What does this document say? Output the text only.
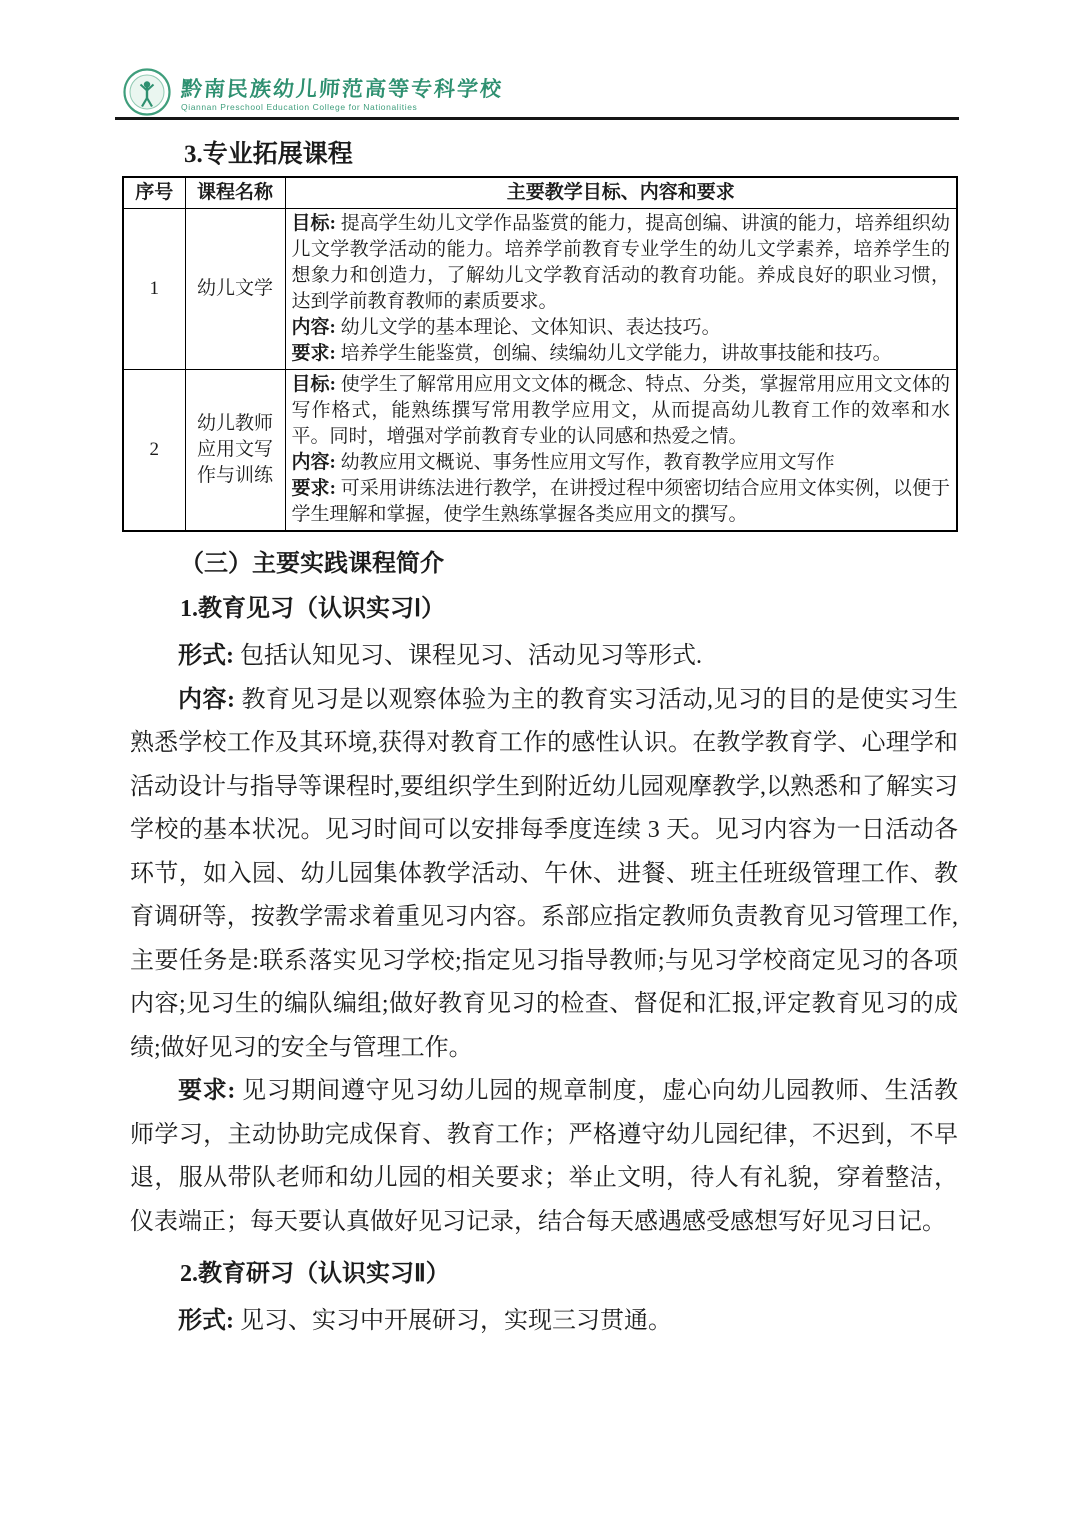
黔南民族幼儿师范高等专科学校
Qiannan Preschool Education College for Nationalities
3.专业拓展课程
序号	课程名称	主要教学目标、内容和要求
1	幼儿文学	目标: 提高学生幼儿文学作品鉴赏的能力，提高创编、讲演的能力，培养组织幼儿文学教学活动的能力。培养学前教育专业学生的幼儿文学素养，培养学生的想象力和创造力，了解幼儿文学教育活动的教育功能。养成良好的职业习惯，达到学前教育教师的素质要求。

内容: 幼儿文学的基本理论、文体知识、表达技巧。

要求: 培养学生能鉴赏，创编、续编幼儿文学能力，讲故事技能和技巧。

2	幼儿教师应用文写作与训练	目标: 使学生了解常用应用文文体的概念、特点、分类，掌握常用应用文文体的写作格式，能熟练撰写常用教学应用文，从而提高幼儿教育工作的效率和水平。同时，增强对学前教育专业的认同感和热爱之情。

内容: 幼教应用文概说、事务性应用文写作，教育教学应用文写作

要求: 可采用讲练法进行教学，在讲授过程中须密切结合应用文体实例，以便于学生理解和掌握，使学生熟练掌握各类应用文的撰写。

（三）主要实践课程简介
1.教育见习（认识实习Ⅰ）

形式: 包括认知见习、课程见习、活动见习等形式.

内容: 教育见习是以观察体验为主的教育实习活动,见习的目的是使实习生熟悉学校工作及其环境,获得对教育工作的感性认识。在教学教育学、心理学和活动设计与指导等课程时,要组织学生到附近幼儿园观摩教学,以熟悉和了解实习学校的基本状况。见习时间可以安排每季度连续 3 天。见习内容为一日活动各环节，如入园、幼儿园集体教学活动、午休、进餐、班主任班级管理工作、教育调研等，按教学需求着重见习内容。系部应指定教师负责教育见习管理工作,主要任务是:联系落实见习学校;指定见习指导教师;与见习学校商定见习的各项内容;见习生的编队编组;做好教育见习的检查、督促和汇报,评定教育见习的成绩;做好见习的安全与管理工作。

要求: 见习期间遵守见习幼儿园的规章制度，虚心向幼儿园教师、生活教师学习，主动协助完成保育、教育工作；严格遵守幼儿园纪律，不迟到，不早退，服从带队老师和幼儿园的相关要求；举止文明，待人有礼貌，穿着整洁，仪表端正；每天要认真做好见习记录，结合每天感遇感受感想写好见习日记。

2.教育研习（认识实习Ⅱ）

形式: 见习、实习中开展研习，实现三习贯通。
